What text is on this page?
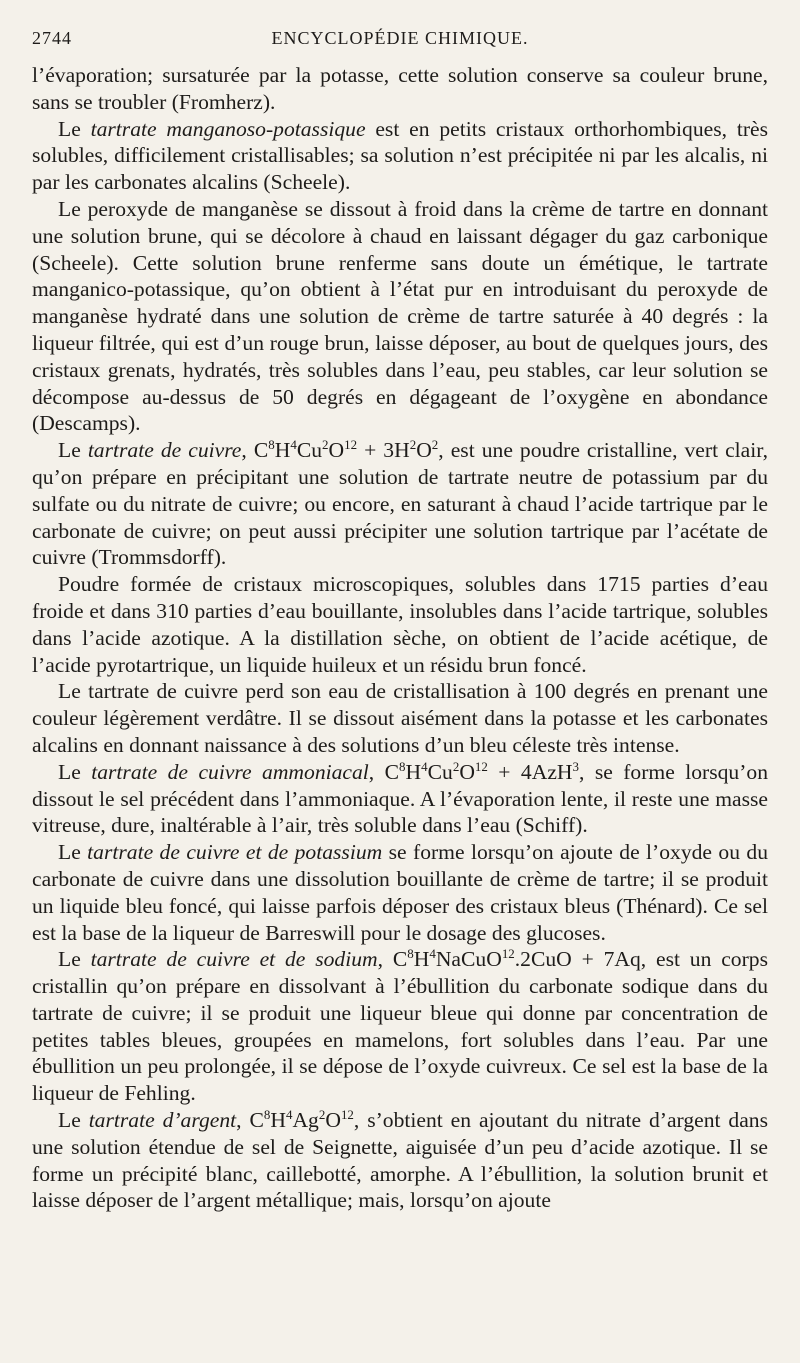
2744	ENCYCLOPÉDIE CHIMIQUE.

l’évaporation; sursaturée par la potasse, cette solution conserve sa couleur brune, sans se troubler (Fromherz).

Le tartrate manganoso-potassique est en petits cristaux orthorhombiques, très solubles, difficilement cristallisables; sa solution n’est précipitée ni par les alcalis, ni par les carbonates alcalins (Scheele).

Le peroxyde de manganèse se dissout à froid dans la crème de tartre en donnant une solution brune, qui se décolore à chaud en laissant dégager du gaz carbonique (Scheele). Cette solution brune renferme sans doute un émétique, le tartrate manganico-potassique, qu’on obtient à l’état pur en introduisant du peroxyde de manganèse hydraté dans une solution de crème de tartre saturée à 40 degrés : la liqueur filtrée, qui est d’un rouge brun, laisse déposer, au bout de quelques jours, des cristaux grenats, hydratés, très solubles dans l’eau, peu stables, car leur solution se décompose au-dessus de 50 degrés en dégageant de l’oxygène en abondance (Descamps).

Le tartrate de cuivre, $C^8H^4Cu^2O^{12} + 3H^2O^2$, est une poudre cristalline, vert clair, qu’on prépare en précipitant une solution de tartrate neutre de potassium par du sulfate ou du nitrate de cuivre; ou encore, en saturant à chaud l’acide tartrique par le carbonate de cuivre; on peut aussi précipiter une solution tartrique par l’acétate de cuivre (Trommsdorff).

Poudre formée de cristaux microscopiques, solubles dans 1715 parties d’eau froide et dans 310 parties d’eau bouillante, insolubles dans l’acide tartrique, solubles dans l’acide azotique. A la distillation sèche, on obtient de l’acide acétique, de l’acide pyrotartrique, un liquide huileux et un résidu brun foncé.

Le tartrate de cuivre perd son eau de cristallisation à 100 degrés en prenant une couleur légèrement verdâtre. Il se dissout aisément dans la potasse et les carbonates alcalins en donnant naissance à des solutions d’un bleu céleste très intense.

Le tartrate de cuivre ammoniacal, $C^8H^4Cu^2O^{12} + 4AzH^3$, se forme lorsqu’on dissout le sel précédent dans l’ammoniaque. A l’évaporation lente, il reste une masse vitreuse, dure, inaltérable à l’air, très soluble dans l’eau (Schiff).

Le tartrate de cuivre et de potassium se forme lorsqu’on ajoute de l’oxyde ou du carbonate de cuivre dans une dissolution bouillante de crème de tartre; il se produit un liquide bleu foncé, qui laisse parfois déposer des cristaux bleus (Thénard). Ce sel est la base de la liqueur de Barreswill pour le dosage des glucoses.

Le tartrate de cuivre et de sodium, $C^8H^4NaCuO^{12}.2CuO + 7Aq$, est un corps cristallin qu’on prépare en dissolvant à l’ébullition du carbonate sodique dans du tartrate de cuivre; il se produit une liqueur bleue qui donne par concentration de petites tables bleues, groupées en mamelons, fort solubles dans l’eau. Par une ébullition un peu prolongée, il se dépose de l’oxyde cuivreux. Ce sel est la base de la liqueur de Fehling.

Le tartrate d’argent, $C^8H^4Ag^2O^{12}$, s’obtient en ajoutant du nitrate d’argent dans une solution étendue de sel de Seignette, aiguisée d’un peu d’acide azotique. Il se forme un précipité blanc, caillebotté, amorphe. A l’ébullition, la solution brunit et laisse déposer de l’argent métallique; mais, lorsqu’on ajoute
